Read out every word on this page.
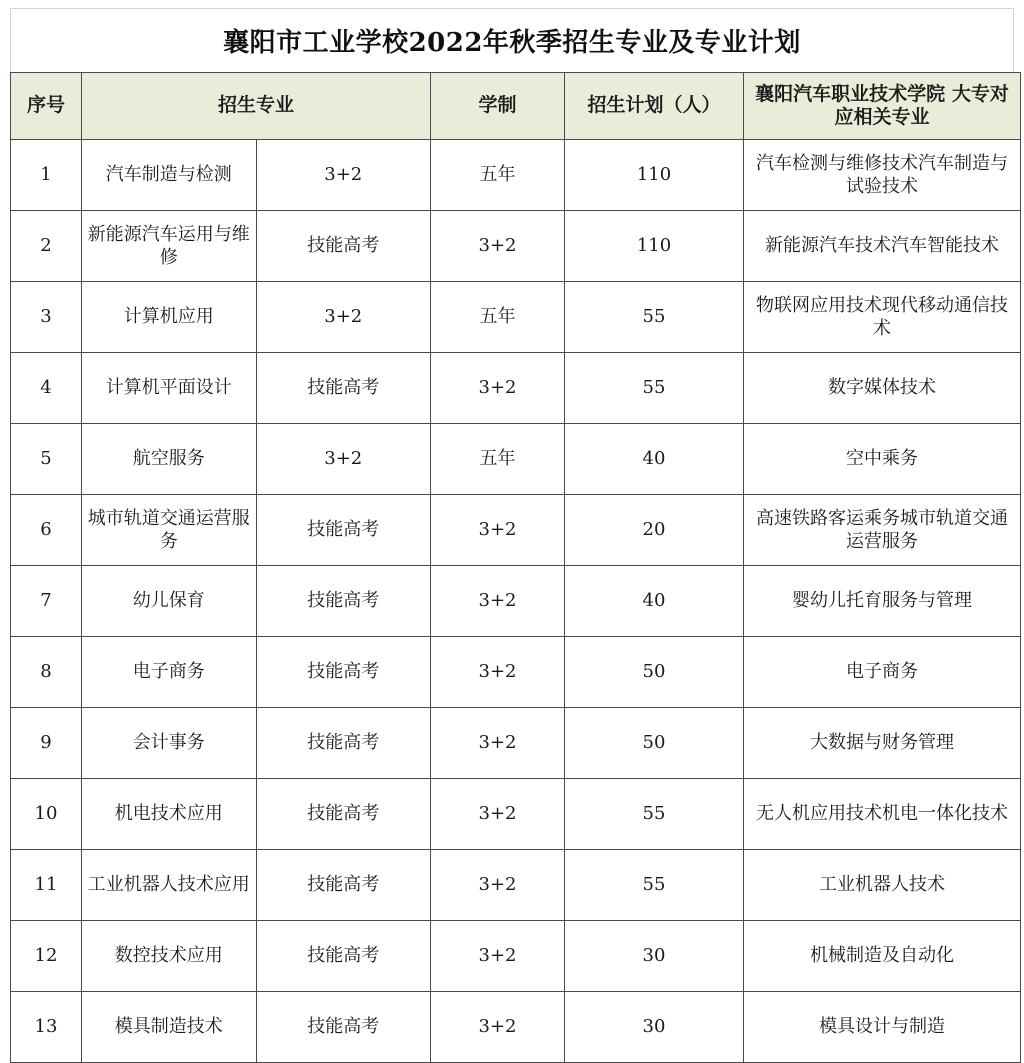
襄阳市工业学校2022年秋季招生专业及专业计划
序号	招生专业		学制	招生计划（人）	襄阳汽车职业技术学院 大专对应相关专业
1	汽车制造与检测	3+2	五年	110	汽车检测与维修技术汽车制造与试验技术
2	新能源汽车运用与维修	技能高考	3+2	110	新能源汽车技术汽车智能技术
3	计算机应用	3+2	五年	55	物联网应用技术现代移动通信技术
4	计算机平面设计	技能高考	3+2	55	数字媒体技术
5	航空服务	3+2	五年	40	空中乘务
6	城市轨道交通运营服务	技能高考	3+2	20	高速铁路客运乘务城市轨道交通运营服务
7	幼儿保育	技能高考	3+2	40	婴幼儿托育服务与管理
8	电子商务	技能高考	3+2	50	电子商务
9	会计事务	技能高考	3+2	50	大数据与财务管理
10	机电技术应用	技能高考	3+2	55	无人机应用技术机电一体化技术
11	工业机器人技术应用	技能高考	3+2	55	工业机器人技术
12	数控技术应用	技能高考	3+2	30	机械制造及自动化
13	模具制造技术	技能高考	3+2	30	模具设计与制造
